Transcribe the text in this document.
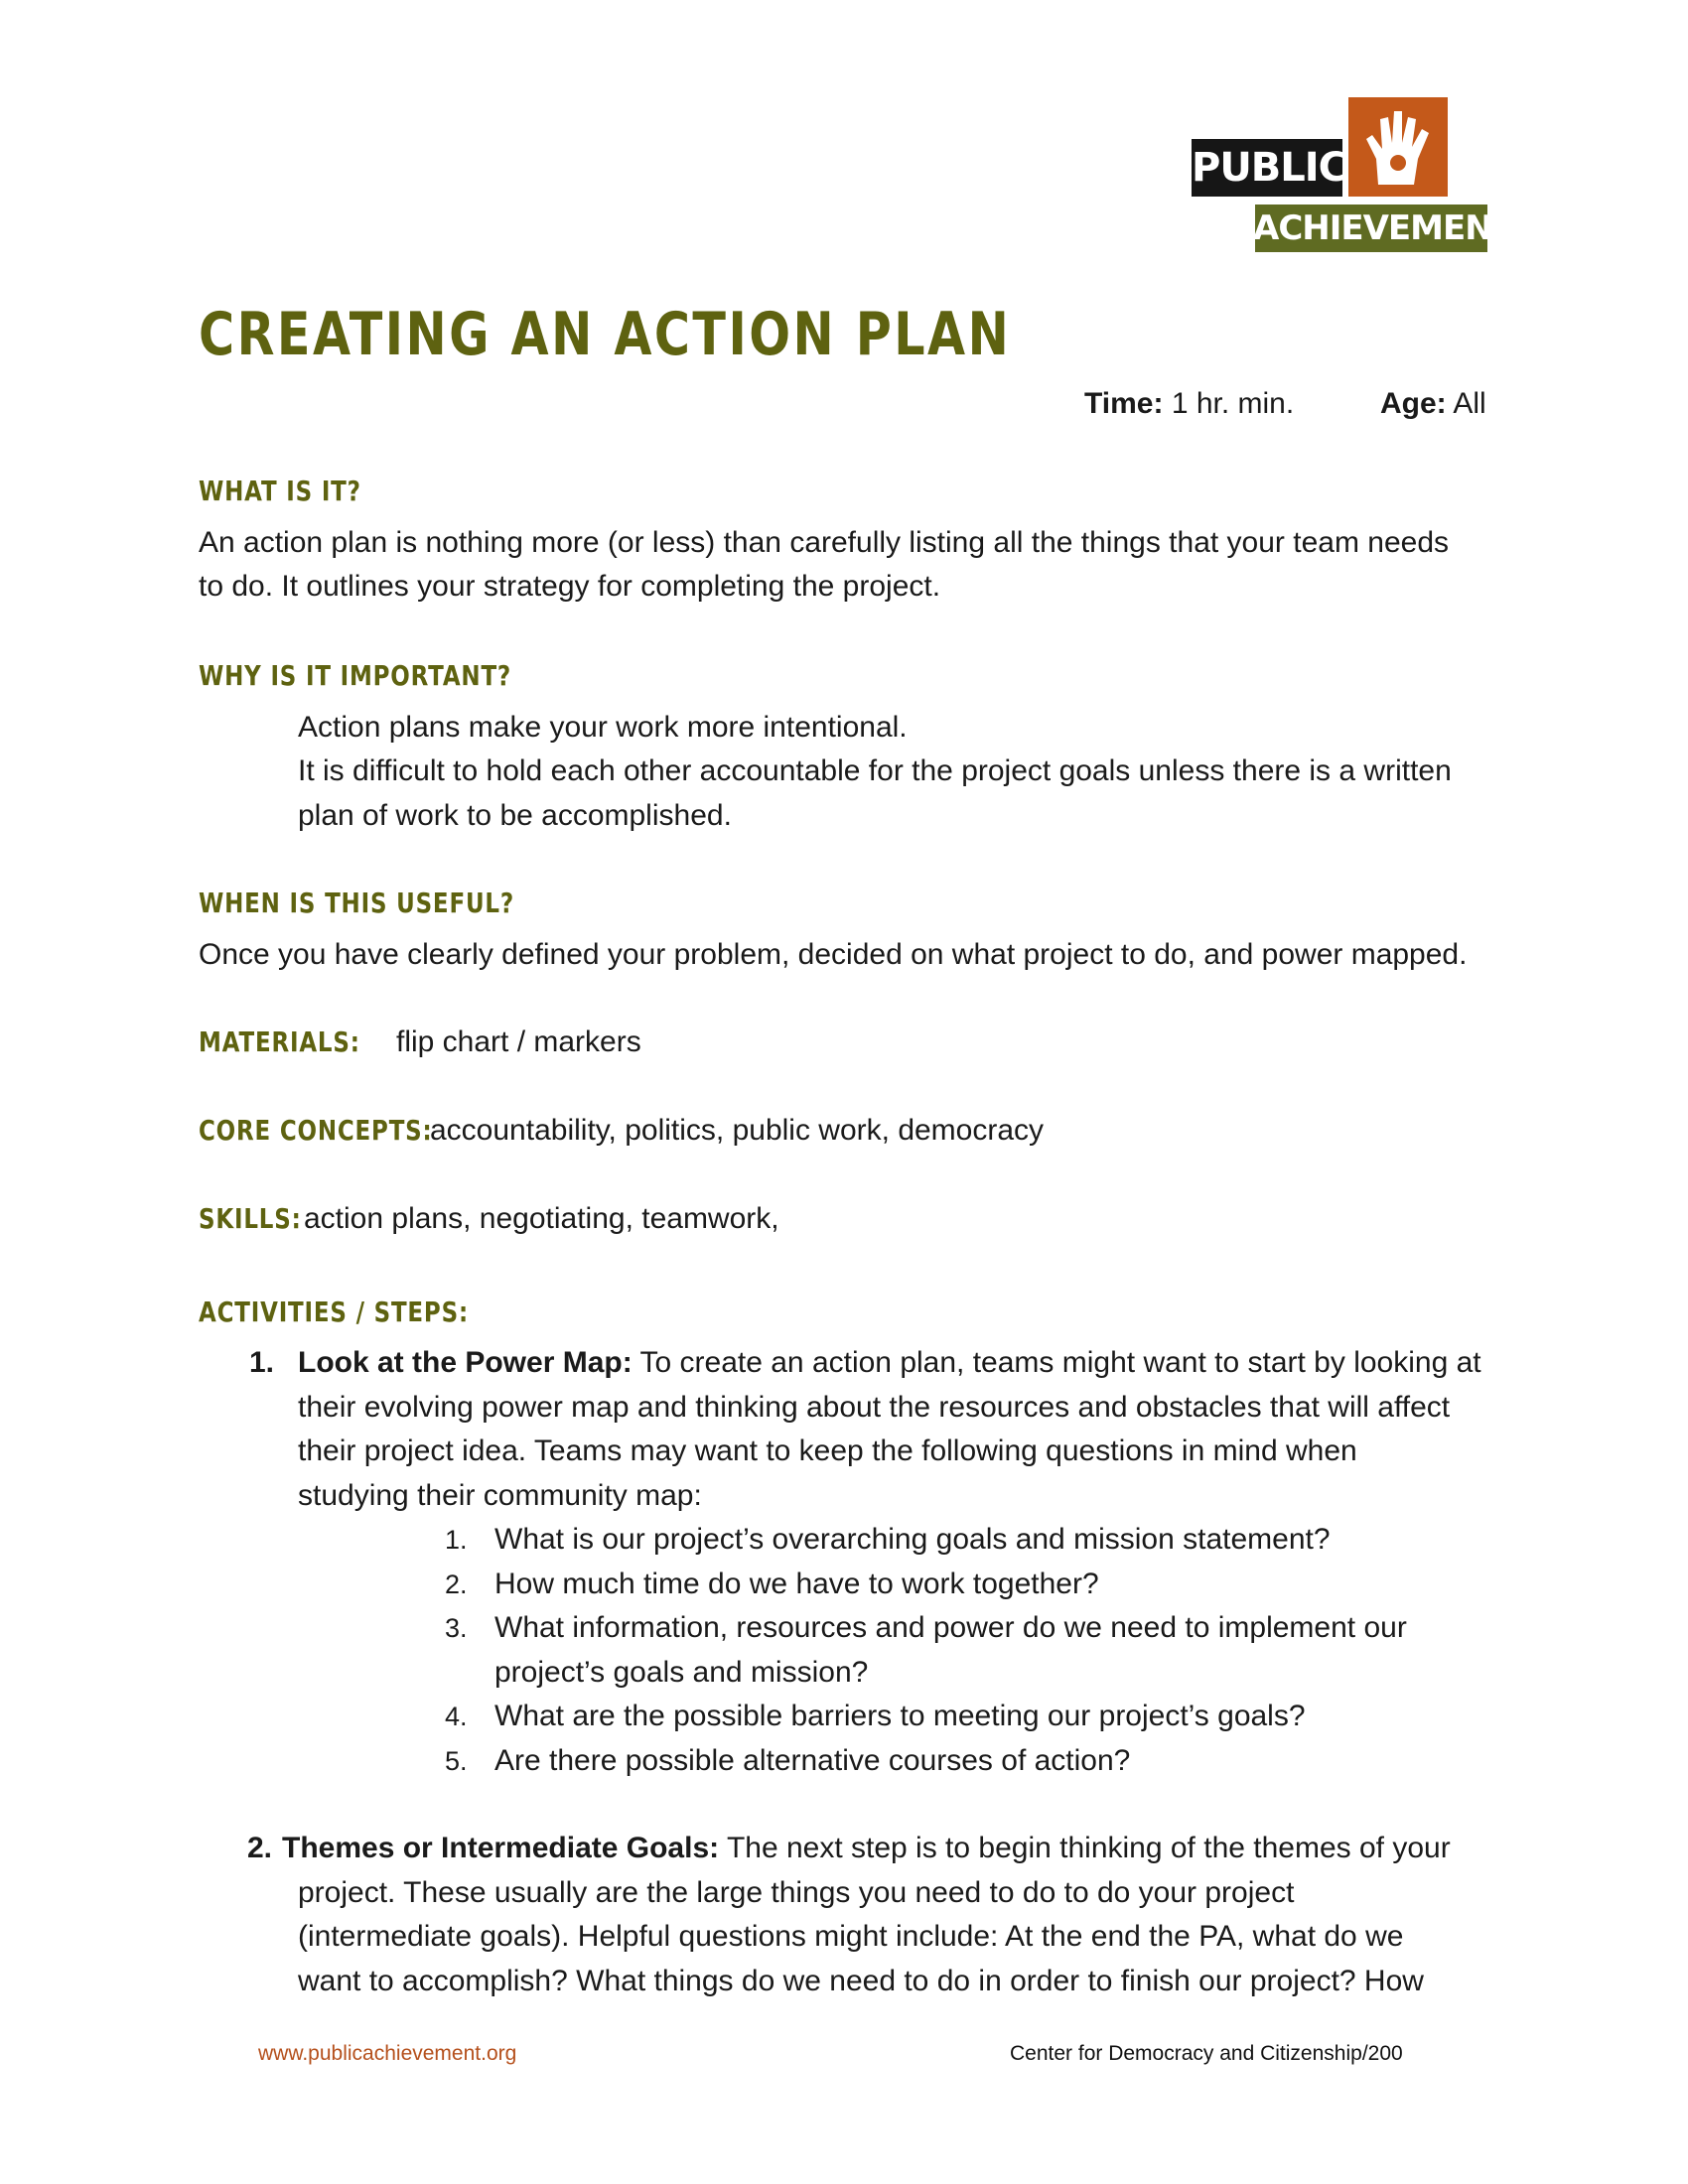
PUBLIC
ACHIEVEMENT
CREATING AN ACTION PLAN
Time: 1 hr. min.	Age: All
WHAT IS IT?
An action plan is nothing more (or less) than carefully listing all the things that your team needs
to do. It outlines your strategy for completing the project.
WHY IS IT IMPORTANT?
Action plans make your work more intentional.
It is difficult to hold each other accountable for the project goals unless there is a written
plan of work to be accomplished.
WHEN IS THIS USEFUL?
Once you have clearly defined your problem, decided on what project to do, and power mapped.
MATERIALS:	flip chart / markers
CORE CONCEPTS:
accountability, politics, public work, democracy
SKILLS: action plans, negotiating, teamwork,
ACTIVITIES / STEPS:
1. Look at the Power Map: To create an action plan, teams might want to start by looking at
their evolving power map and thinking about the resources and obstacles that will affect
their project idea. Teams may want to keep the following questions in mind when
studying their community map:
1. What is our project’s overarching goals and mission statement?
2. How much time do we have to work together?
3. What information, resources and power do we need to implement our
project’s goals and mission?
4. What are the possible barriers to meeting our project’s goals?
5. Are there possible alternative courses of action?
2. Themes or Intermediate Goals: The next step is to begin thinking of the themes of your
project. These usually are the large things you need to do to do your project
(intermediate goals). Helpful questions might include: At the end the PA, what do we
want to accomplish? What things do we need to do in order to finish our project? How
www.publicachievement.org	Center for Democracy and Citizenship/200
